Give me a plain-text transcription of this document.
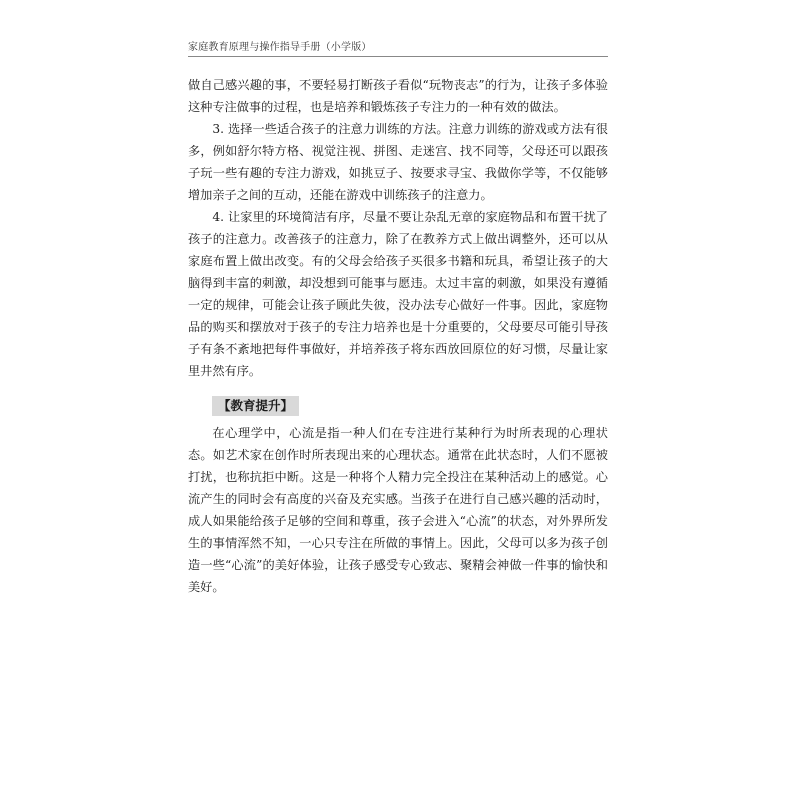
家庭教育原理与操作指导手册（小学版）

做自己感兴趣的事，不要轻易打断孩子看似“玩物丧志”的行为，让孩子多体验这种专注做事的过程，也是培养和锻炼孩子专注力的一种有效的做法。

3. 选择一些适合孩子的注意力训练的方法。注意力训练的游戏或方法有很多，例如舒尔特方格、视觉注视、拼图、走迷宫、找不同等，父母还可以跟孩子玩一些有趣的专注力游戏，如挑豆子、按要求寻宝、我做你学等，不仅能够增加亲子之间的互动，还能在游戏中训练孩子的注意力。

4. 让家里的环境简洁有序，尽量不要让杂乱无章的家庭物品和布置干扰了孩子的注意力。改善孩子的注意力，除了在教养方式上做出调整外，还可以从家庭布置上做出改变。有的父母会给孩子买很多书籍和玩具，希望让孩子的大脑得到丰富的刺激，却没想到可能事与愿违。太过丰富的刺激，如果没有遵循一定的规律，可能会让孩子顾此失彼，没办法专心做好一件事。因此，家庭物品的购买和摆放对于孩子的专注力培养也是十分重要的，父母要尽可能引导孩子有条不紊地把每件事做好，并培养孩子将东西放回原位的好习惯，尽量让家里井然有序。

【教育提升】

在心理学中，心流是指一种人们在专注进行某种行为时所表现的心理状态。如艺术家在创作时所表现出来的心理状态。通常在此状态时，人们不愿被打扰，也称抗拒中断。这是一种将个人精力完全投注在某种活动上的感觉。心流产生的同时会有高度的兴奋及充实感。当孩子在进行自己感兴趣的活动时，成人如果能给孩子足够的空间和尊重，孩子会进入“心流”的状态，对外界所发生的事情浑然不知，一心只专注在所做的事情上。因此，父母可以多为孩子创造一些“心流”的美好体验，让孩子感受专心致志、聚精会神做一件事的愉快和美好。
